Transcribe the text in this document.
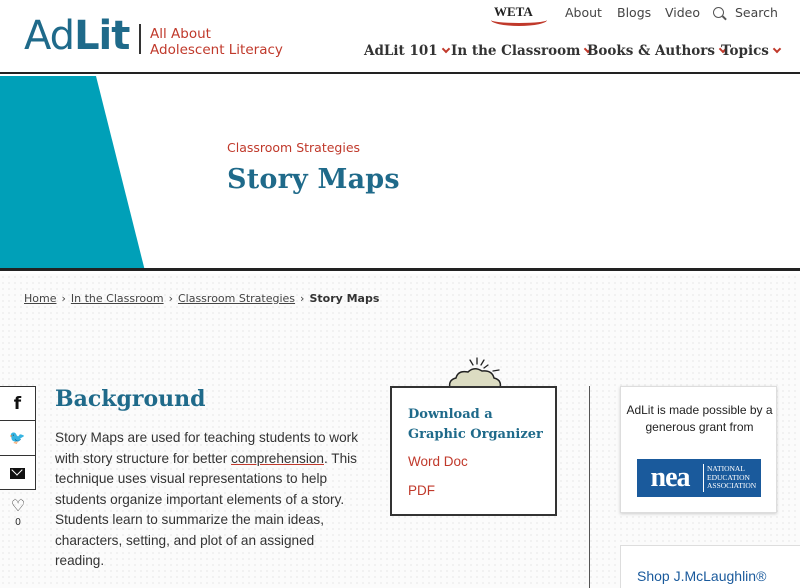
AdLit All About
Adolescent Literacy
WETA	About Blogs Video	Search
AdLit 101 In the Classroom Books & Authors Topics
Classroom Strategies
Story Maps
Home › In the Classroom › Classroom Strategies › Story Maps
f
🐦
♡
0
Background

Story Maps are used for teaching students to work with story structure for better comprehension. This technique uses visual representations to help students organize important elements of a story. Students learn to summarize the main ideas, characters, setting, and plot of an assigned reading.

Download a Graphic Organizer
Word Doc
PDF
AdLit is made possible by a generous grant from
nea	NATIONAL EDUCATION ASSOCIATION
Shop J.McLaughlin®
